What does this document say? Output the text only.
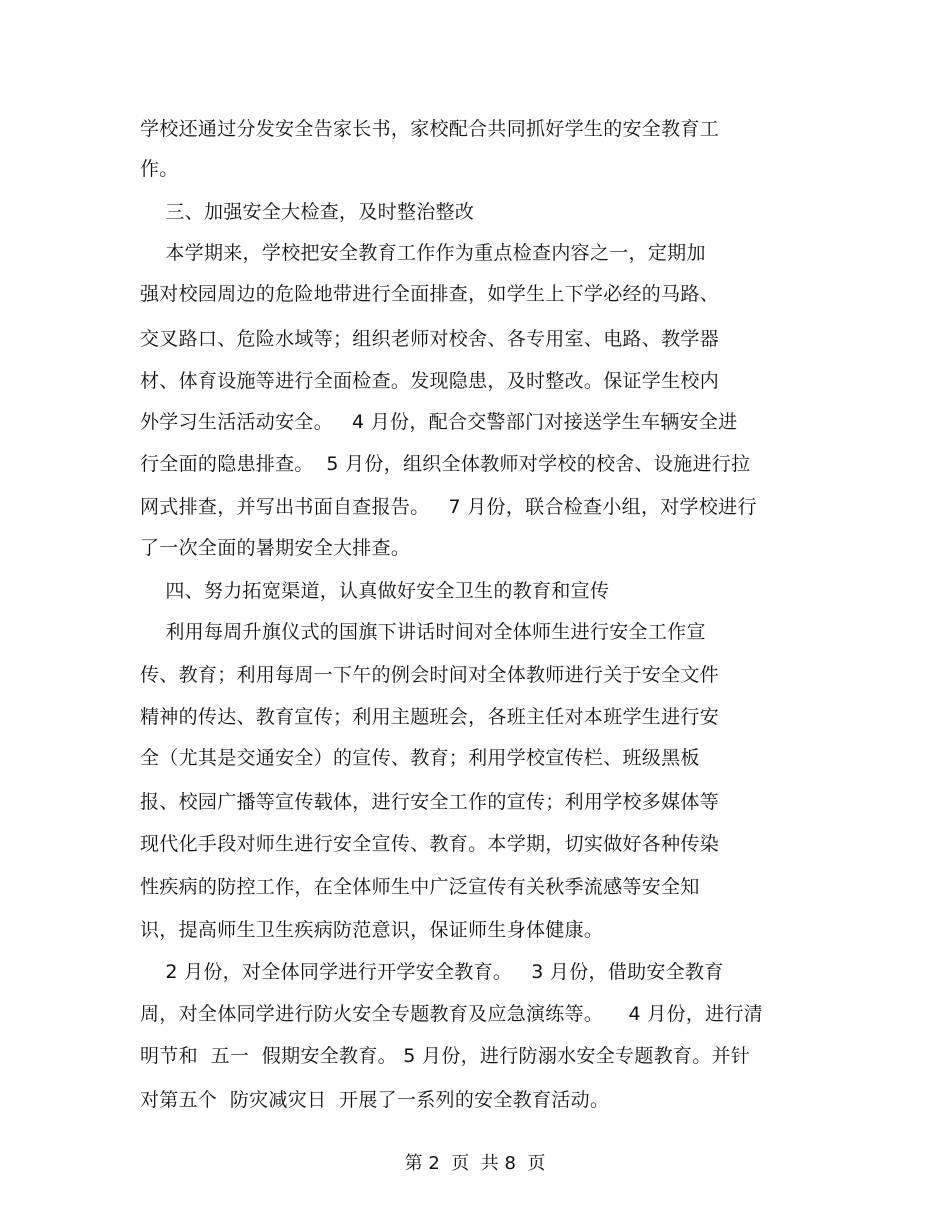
学校还通过分发安全告家长书，家校配合共同抓好学生的安全教育工
作。
三、加强安全大检查，及时整治整改
本学期来，学校把安全教育工作作为重点检查内容之一，定期加
强对校园周边的危险地带进行全面排查，如学生上下学必经的马路、
交叉路口、危险水域等；组织老师对校舍、各专用室、电路、教学器
材、体育设施等进行全面检查。发现隐患，及时整改。保证学生校内
外学习生活活动安全。   4 月份，配合交警部门对接送学生车辆安全进
行全面的隐患排查。  5 月份，组织全体教师对学校的校舍、设施进行拉
网式排查，并写出书面自查报告。   7 月份，联合检查小组，对学校进行
了一次全面的暑期安全大排查。
四、努力拓宽渠道，认真做好安全卫生的教育和宣传
利用每周升旗仪式的国旗下讲话时间对全体师生进行安全工作宣
传、教育；利用每周一下午的例会时间对全体教师进行关于安全文件
精神的传达、教育宣传；利用主题班会，各班主任对本班学生进行安
全（尤其是交通安全）的宣传、教育；利用学校宣传栏、班级黑板
报、校园广播等宣传载体，进行安全工作的宣传；利用学校多媒体等
现代化手段对师生进行安全宣传、教育。本学期，切实做好各种传染
性疾病的防控工作，在全体师生中广泛宣传有关秋季流感等安全知
识，提高师生卫生疾病防范意识，保证师生身体健康。
2 月份，对全体同学进行开学安全教育。   3 月份，借助安全教育
周，对全体同学进行防火安全专题教育及应急演练等。    4 月份，进行清
明节和  五一  假期安全教育。 5 月份，进行防溺水安全专题教育。并针
对第五个  防灾减灾日  开展了一系列的安全教育活动。
第 2  页  共 8  页
